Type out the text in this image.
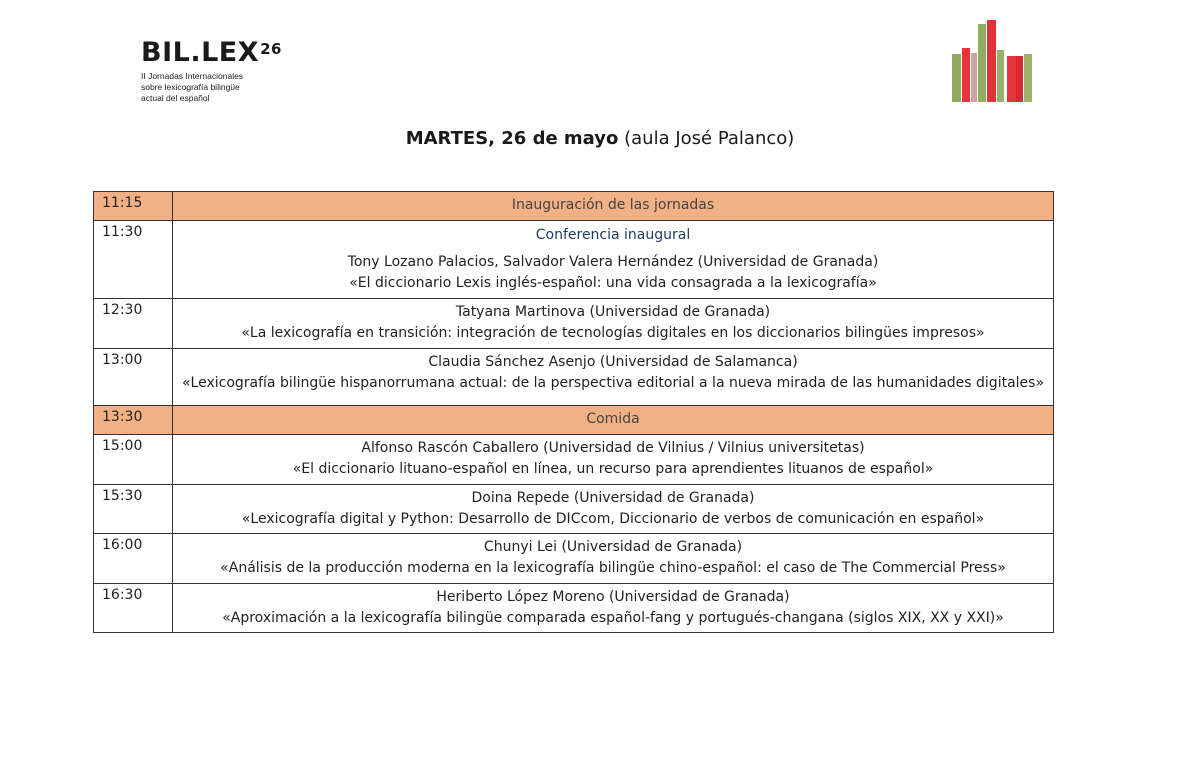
BIL.LEX$^{26}$
II Jornadas Internacionales
sobre lexicografía bilingüe
actual del español
MARTES, 26 de mayo (aula José Palanco)
11:15	Inauguración de las jornadas

11:30	Conferencia inaugural
Tony Lozano Palacios, Salvador Valera Hernández (Universidad de Granada)
«El diccionario Lexis inglés-español: una vida consagrada a la lexicografía»

12:30	Tatyana Martinova (Universidad de Granada)
«La lexicografía en transición: integración de tecnologías digitales en los diccionarios bilingües impresos»

13:00	Claudia Sánchez Asenjo (Universidad de Salamanca)
«Lexicografía bilingüe hispanorrumana actual: de la perspectiva editorial a la nueva mirada de las humanidades digitales»

13:30	Comida

15:00	Alfonso Rascón Caballero (Universidad de Vilnius / Vilnius universitetas)
«El diccionario lituano-español en línea, un recurso para aprendientes lituanos de español»

15:30	Doina Repede (Universidad de Granada)
«Lexicografía digital y Python: Desarrollo de DICcom, Diccionario de verbos de comunicación en español»

16:00	Chunyi Lei (Universidad de Granada)
«Análisis de la producción moderna en la lexicografía bilingüe chino-español: el caso de The Commercial Press»

16:30	Heriberto López Moreno (Universidad de Granada)
«Aproximación a la lexicografía bilingüe comparada español-fang y portugués-changana (siglos XIX, XX y XXI)»
